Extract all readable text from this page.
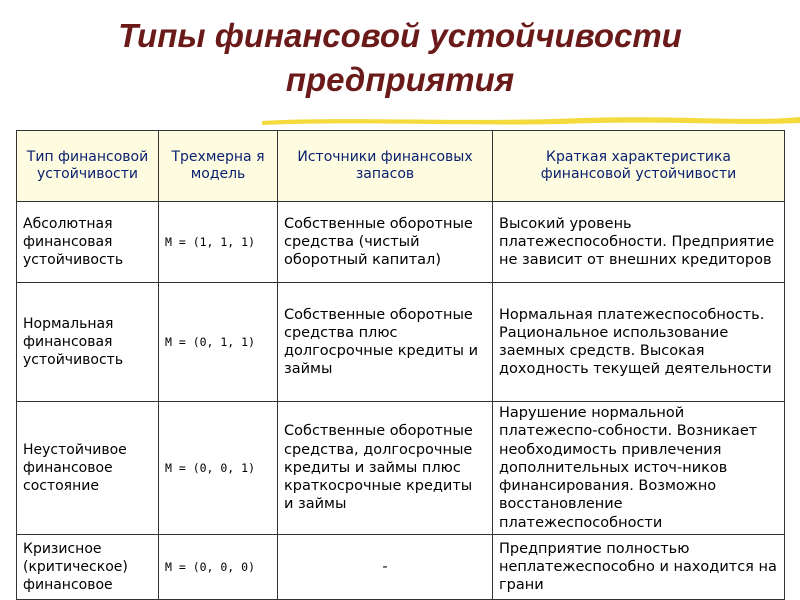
Типы финансовой устойчивости
предприятия
Тип финансовой устойчивости	Трехмерна я модель	Источники финансовых запасов	Краткая характеристика финансовой устойчивости
Абсолютная финансовая устойчивость	M = (1, 1, 1)	Собственные оборотные средства (чистый оборотный капитал)	Высокий уровень платежеспособности. Предприятие не зависит от внешних кредиторов
Нормальная финансовая устойчивость	M = (0, 1, 1)	Собственные оборотные средства плюс долгосрочные кредиты и займы	Нормальная платежеспособность. Рациональное использование заемных средств. Высокая доходность текущей деятельности
Неустойчивое финансовое состояние	M = (0, 0, 1)	Собственные оборотные средства, долгосрочные кредиты и займы плюс краткосрочные кредиты и займы	Нарушение нормальной платежеспо-собности. Возникает необходимость привлечения дополнительных источ-ников финансирования. Возможно восстановление платежеспособности
Кризисное (критическое) финансовое	M = (0, 0, 0)	-	Предприятие полностью неплатежеспособно и находится на грани
